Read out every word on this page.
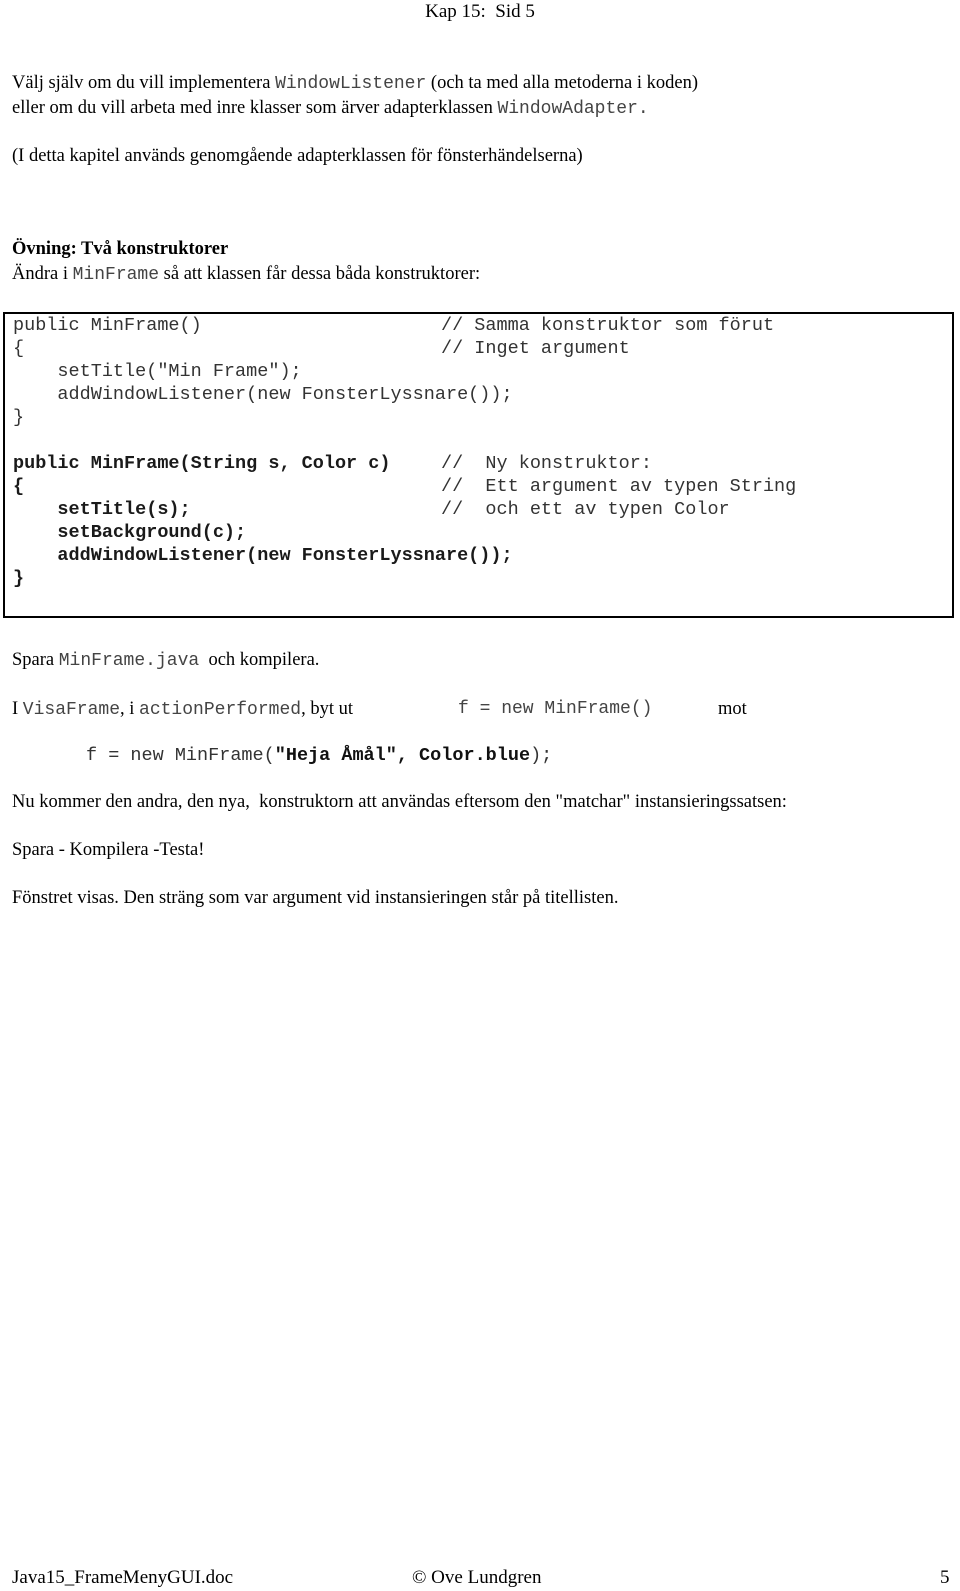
Kap 15:  Sid 5
Välj själv om du vill implementera WindowListener (och ta med alla metoderna i koden)
eller om du vill arbeta med inre klasser som ärver adapterklassen WindowAdapter.
(I detta kapitel används genomgående adapterklassen för fönsterhändelserna)
Övning: Två konstruktorer
Ändra i MinFrame så att klassen får dessa båda konstruktorer:
public MinFrame()
{
setTitle("Min Frame");
addWindowListener(new FonsterLyssnare());
}
// Samma konstruktor som förut
// Inget argument
public MinFrame(String s, Color c)
{
setTitle(s);
setBackground(c);
addWindowListener(new FonsterLyssnare());
}
//  Ny konstruktor:
//  Ett argument av typen String
//  och ett av typen Color
Spara MinFrame.java  och kompilera.
I VisaFrame, i actionPerformed, byt ut	f = new MinFrame()	mot
f = new MinFrame("Heja Åmål", Color.blue);
Nu kommer den andra, den nya,  konstruktorn att användas eftersom den "matchar" instansieringssatsen:
Spara - Kompilera -Testa!
Fönstret visas. Den sträng som var argument vid instansieringen står på titellisten.
Java15_FrameMenyGUI.doc	© Ove Lundgren	5
